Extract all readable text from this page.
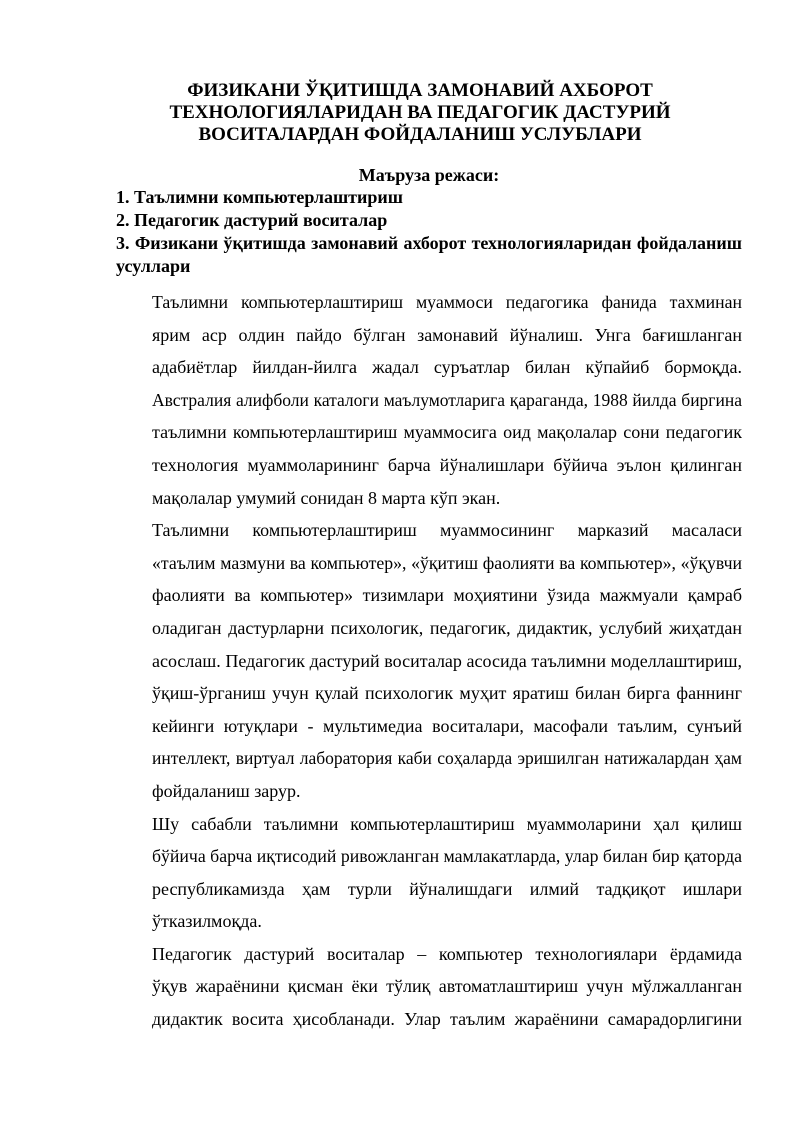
ФИЗИКАНИ ЎҚИТИШДА ЗАМОНАВИЙ АХБОРОТ
ТЕХНОЛОГИЯЛАРИДАН ВА ПЕДАГОГИК ДАСТУРИЙ
ВОСИТАЛАРДАН ФОЙДАЛАНИШ УСЛУБЛАРИ
Маъруза режаси:
1. Таълимни компьютерлаштириш
2. Педагогик дастурий воситалар
3. Физикани ўқитишда замонавий ахборот технологияларидан фойдаланиш усуллари

Таълимни компьютерлаштириш муаммоси педагогика фанида тахминан
ярим аср олдин пайдо бўлган замонавий йўналиш. Унга бағишланган
адабиётлар йилдан-йилга жадал суръатлар билан кўпайиб бормоқда.
Австралия алифболи каталоги маълумотларига қараганда, 1988 йилда биргина
таълимни компьютерлаштириш муаммосига оид мақолалар сони педагогик
технология муаммоларининг барча йўналишлари бўйича эълон қилинган
мақолалар умумий сонидан 8 марта кўп экан.

Таълимни компьютерлаштириш муаммосининг марказий масаласи
«таълим мазмуни ва компьютер», «ўқитиш фаолияти ва компьютер», «ўқувчи
фаолияти ва компьютер» тизимлари моҳиятини ўзида мажмуали қамраб
оладиган дастурларни психологик, педагогик, дидактик, услубий жиҳатдан
асослаш. Педагогик дастурий воситалар асосида таълимни моделлаштириш,
ўқиш-ўрганиш учун қулай психологик муҳит яратиш билан бирга фаннинг
кейинги ютуқлари - мультимедиа воситалари, масофали таълим, сунъий
интеллект, виртуал лаборатория каби соҳаларда эришилган натижалардан ҳам
фойдаланиш зарур.

Шу сабабли таълимни компьютерлаштириш муаммоларини ҳал қилиш
бўйича барча иқтисодий ривожланган мамлакатларда, улар билан бир қаторда
республикамизда ҳам турли йўналишдаги илмий тадқиқот ишлари
ўтказилмоқда.

Педагогик дастурий воситалар – компьютер технологиялари ёрдамида
ўқув жараёнини қисман ёки тўлиқ автоматлаштириш учун мўлжалланган
дидактик восита ҳисобланади. Улар таълим жараёнини самарадорлигини
